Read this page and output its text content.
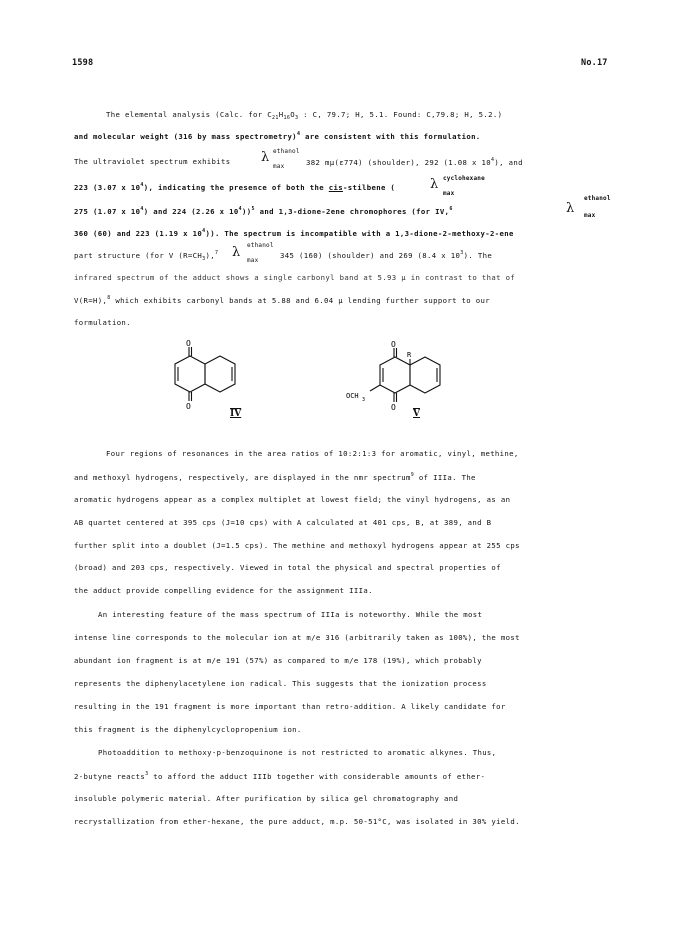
1598	No.17
The elemental analysis (Calc. for $C_{21}H_{16}O_3$ : C, 79.7; H, 5.1. Found: C,79.8; H, 5.2.)
and molecular weight (316 by mass spectrometry)$^4$ are consistent with this formulation.
The ultraviolet spectrum exhibits λ ethanol
max	382 mμ(ε774) (shoulder), 292 (1.08 x $10^4$), and
223 (3.07 x $10^4$), indicating the presence of both the cis-stilbene (	λ cyclohexane
max
275 (1.07 x $10^4$) and 224 (2.26 x $10^4))^5$ and 1,3-dione-2ene chromophores (for IV,$^6$	λ
ethanol
max
360 (60) and 223 (1.19 x $10^4$)). The spectrum is incompatible with a 1,3-dione-2-methoxy-2-ene
part structure (for V $(R=CH_3),^7$ λ ethanol
max
345 (160) (shoulder) and 269 (8.4 x $10^3$). The
infrared spectrum of the adduct shows a single carbonyl band at 5.93 μ in contrast to that of
V(R=H),$^8$ which exhibits carbonyl bands at 5.88 and 6.04 μ lending further support to our
formulation.
O
O
IV
O
R
O
OCH 3
V
Four regions of resonances in the area ratios of 10:2:1:3 for aromatic, vinyl, methine,
and methoxyl hydrogens, respectively, are displayed in the nmr spectrum$^9$ of IIIa. The
aromatic hydrogens appear as a complex multiplet at lowest field; the vinyl hydrogens, as an
AB quartet centered at 395 cps (J=10 cps) with A calculated at 401 cps, B, at 389, and B
further split into a doublet (J=1.5 cps). The methine and methoxyl hydrogens appear at 255 cps
(broad) and 203 cps, respectively. Viewed in total the physical and spectral properties of
the adduct provide compelling evidence for the assignment IIIa.
An interesting feature of the mass spectrum of IIIa is noteworthy. While the most
intense line corresponds to the molecular ion at m/e 316 (arbitrarily taken as 100%), the most
abundant ion fragment is at m/e 191 (57%) as compared to m/e 178 (19%), which probably
represents the diphenylacetylene ion radical. This suggests that the ionization process
resulting in the 191 fragment is more important than retro-addition. A likely candidate for
this fragment is the diphenylcyclopropenium ion.
Photoaddition to methoxy-p-benzoquinone is not restricted to aromatic alkynes. Thus,
2-butyne reacts$^3$ to afford the adduct IIIb together with considerable amounts of ether-
insoluble polymeric material. After purification by silica gel chromatography and
recrystallization from ether-hexane, the pure adduct, m.p. 50-51°C, was isolated in 30% yield.
